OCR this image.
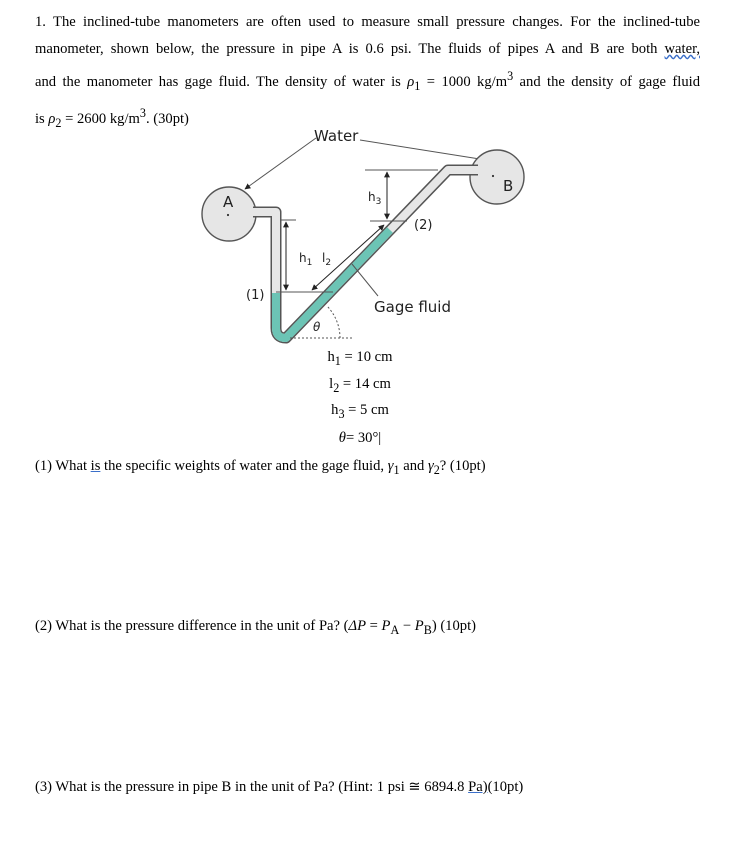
1. The inclined-tube manometers are often used to measure small pressure changes. For the inclined-tube
manometer, shown below, the pressure in pipe A is 0.6 psi. The fluids of pipes A and B are both water,
and the manometer has gage fluid. The density of water is $\rho_1 = 1000$ $kg/m^3$ and the density of gage fluid
is $\rho_2 = 2600$ $kg/m^3$. (30pt)
Water
A
B
$h_3$
(2)
$h_1$ $l_2$
(1)
Gage fluid
θ
$h_1 = 10$ cm
$l_2 = 14$ cm
$h_3 = 5$ cm
θ= 30°|
(1) What is the specific weights of water and the gage fluid, $\gamma_1$ and $\gamma_2$? (10pt)
(2) What is the pressure difference in the unit of Pa? $(\Delta P = P_A - P_B)$ (10pt)
(3) What is the pressure in pipe B in the unit of Pa? (Hint: 1 psi ≅ 6894.8 Pa)(10pt)
